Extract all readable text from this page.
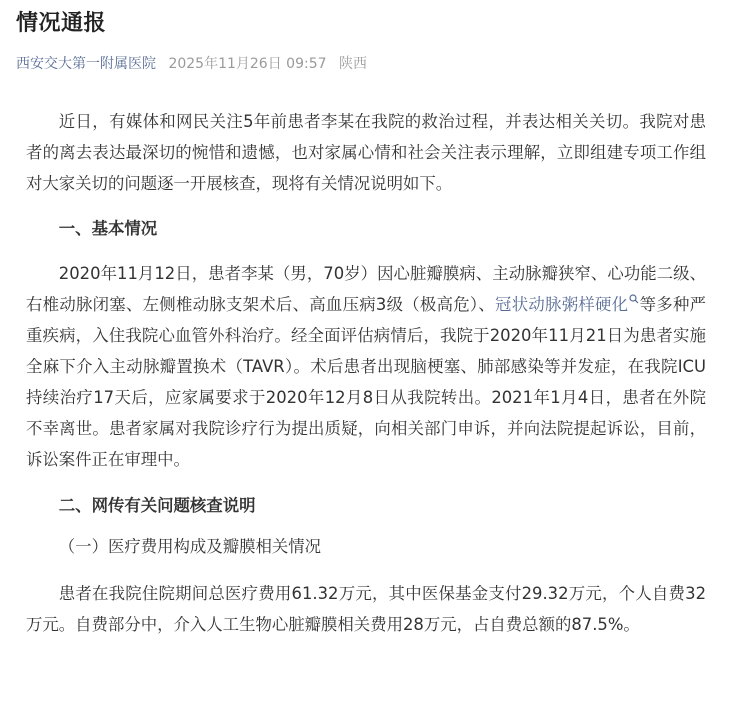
情况通报
西安交大第一附属医院 2025年11月26日 09:57 陕西

近日，有媒体和网民关注5年前患者李某在我院的救治过程，并表达相关关切。我院对患者的离去表达最深切的惋惜和遗憾，也对家属心情和社会关注表示理解，立即组建专项工作组对大家关切的问题逐一开展核查，现将有关情况说明如下。

一、基本情况

2020年11月12日，患者李某（男，70岁）因心脏瓣膜病、主动脉瓣狭窄、心功能二级、右椎动脉闭塞、左侧椎动脉支架术后、高血压病3级（极高危）、冠状动脉粥样硬化 等多种严重疾病，入住我院心血管外科治疗。经全面评估病情后，我院于2020年11月21日为患者实施全麻下介入主动脉瓣置换术（TAVR）。术后患者出现脑梗塞、肺部感染等并发症，在我院ICU持续治疗17天后，应家属要求于2020年12月8日从我院转出。2021年1月4日，患者在外院不幸离世。患者家属对我院诊疗行为提出质疑，向相关部门申诉，并向法院提起诉讼，目前，诉讼案件正在审理中。

二、网传有关问题核查说明

（一）医疗费用构成及瓣膜相关情况

患者在我院住院期间总医疗费用61.32万元，其中医保基金支付29.32万元，个人自费32万元。自费部分中，介入人工生物心脏瓣膜相关费用28万元，占自费总额的87.5%。
